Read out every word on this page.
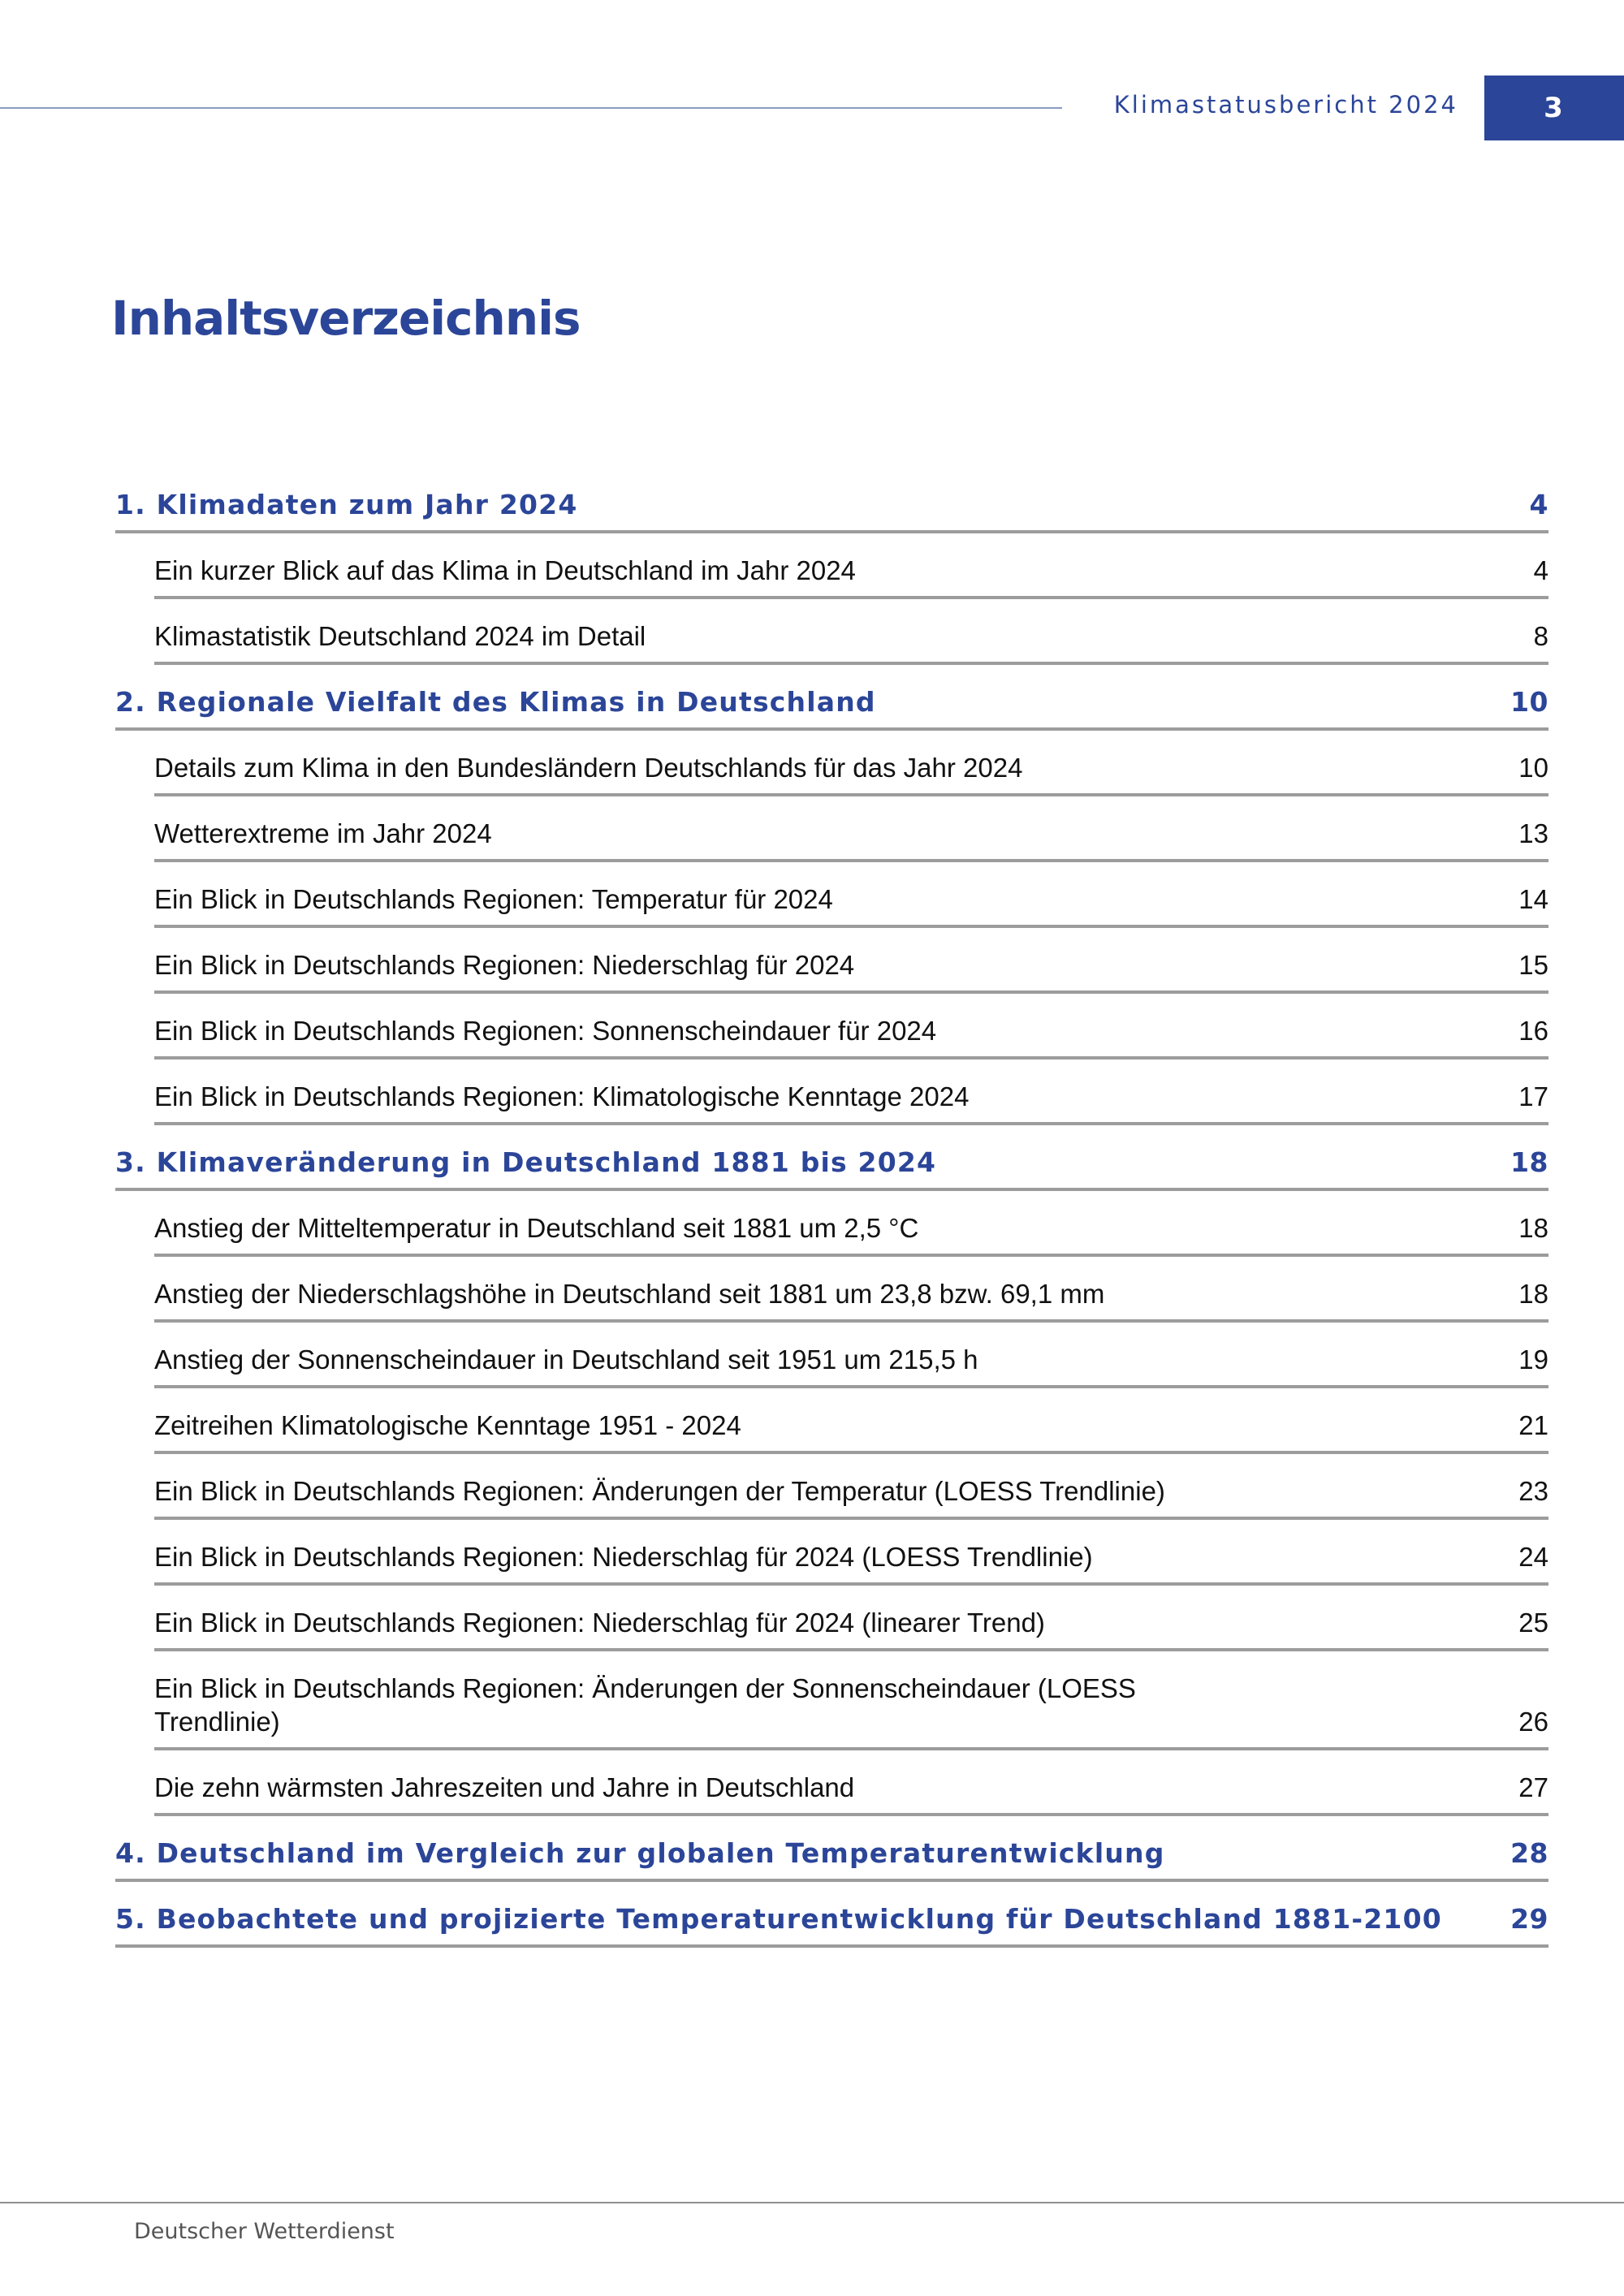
Klimastatusbericht 2024	3
Inhaltsverzeichnis
1. Klimadaten zum Jahr 2024	4
Ein kurzer Blick auf das Klima in Deutschland im Jahr 2024	4
Klimastatistik Deutschland 2024 im Detail	8
2. Regionale Vielfalt des Klimas in Deutschland	10
Details zum Klima in den Bundesländern Deutschlands für das Jahr 2024	10
Wetterextreme im Jahr 2024	13
Ein Blick in Deutschlands Regionen: Temperatur für 2024	14
Ein Blick in Deutschlands Regionen: Niederschlag für 2024	15
Ein Blick in Deutschlands Regionen: Sonnenscheindauer für 2024	16
Ein Blick in Deutschlands Regionen: Klimatologische Kenntage 2024	17
3. Klimaveränderung in Deutschland 1881 bis 2024	18
Anstieg der Mitteltemperatur in Deutschland seit 1881 um 2,5 °C	18
Anstieg der Niederschlagshöhe in Deutschland seit 1881 um 23,8 bzw. 69,1 mm	18
Anstieg der Sonnenscheindauer in Deutschland seit 1951 um 215,5 h	19
Zeitreihen Klimatologische Kenntage 1951 - 2024	21
Ein Blick in Deutschlands Regionen: Änderungen der Temperatur (LOESS Trendlinie)	23
Ein Blick in Deutschlands Regionen: Niederschlag für 2024 (LOESS Trendlinie)	24
Ein Blick in Deutschlands Regionen: Niederschlag für 2024 (linearer Trend)	25
Ein Blick in Deutschlands Regionen: Änderungen der Sonnenscheindauer (LOESS Trendlinie)	26
Die zehn wärmsten Jahreszeiten und Jahre in Deutschland	27
4. Deutschland im Vergleich zur globalen Temperaturentwicklung	28
5. Beobachtete und projizierte Temperaturentwicklung für Deutschland 1881-2100	29
Deutscher Wetterdienst
